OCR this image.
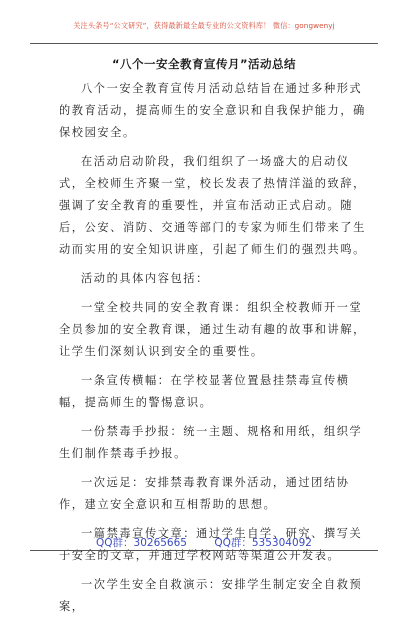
关注头条号“公文研究”，获得最新最全最专业的公文资料库！ 微信：gongwenyj
“八个一安全教育宣传月”活动总结

八个一安全教育宣传月活动总结旨在通过多种形式的教育活动，提高师生的安全意识和自我保护能力，确保校园安全。

在活动启动阶段，我们组织了一场盛大的启动仪式，全校师生齐聚一堂，校长发表了热情洋溢的致辞，强调了安全教育的重要性，并宣布活动正式启动。随后，公安、消防、交通等部门的专家为师生们带来了生动而实用的安全知识讲座，引起了师生们的强烈共鸣。

活动的具体内容包括：

一堂全校共同的安全教育课：组织全校教师开一堂全员参加的安全教育课，通过生动有趣的故事和讲解，让学生们深刻认识到安全的重要性。

一条宣传横幅：在学校显著位置悬挂禁毒宣传横幅，提高师生的警惕意识。

一份禁毒手抄报：统一主题、规格和用纸，组织学生们制作禁毒手抄报。

一次远足：安排禁毒教育课外活动，通过团结协作，建立安全意识和互相帮助的思想。

一篇禁毒宣传文章：通过学生自学、研究、撰写关于安全的文章，并通过学校网站等渠道公开发表。

一次学生安全自救演示：安排学生制定安全自救预案，

QQ群：30265665	QQ群：535304092
